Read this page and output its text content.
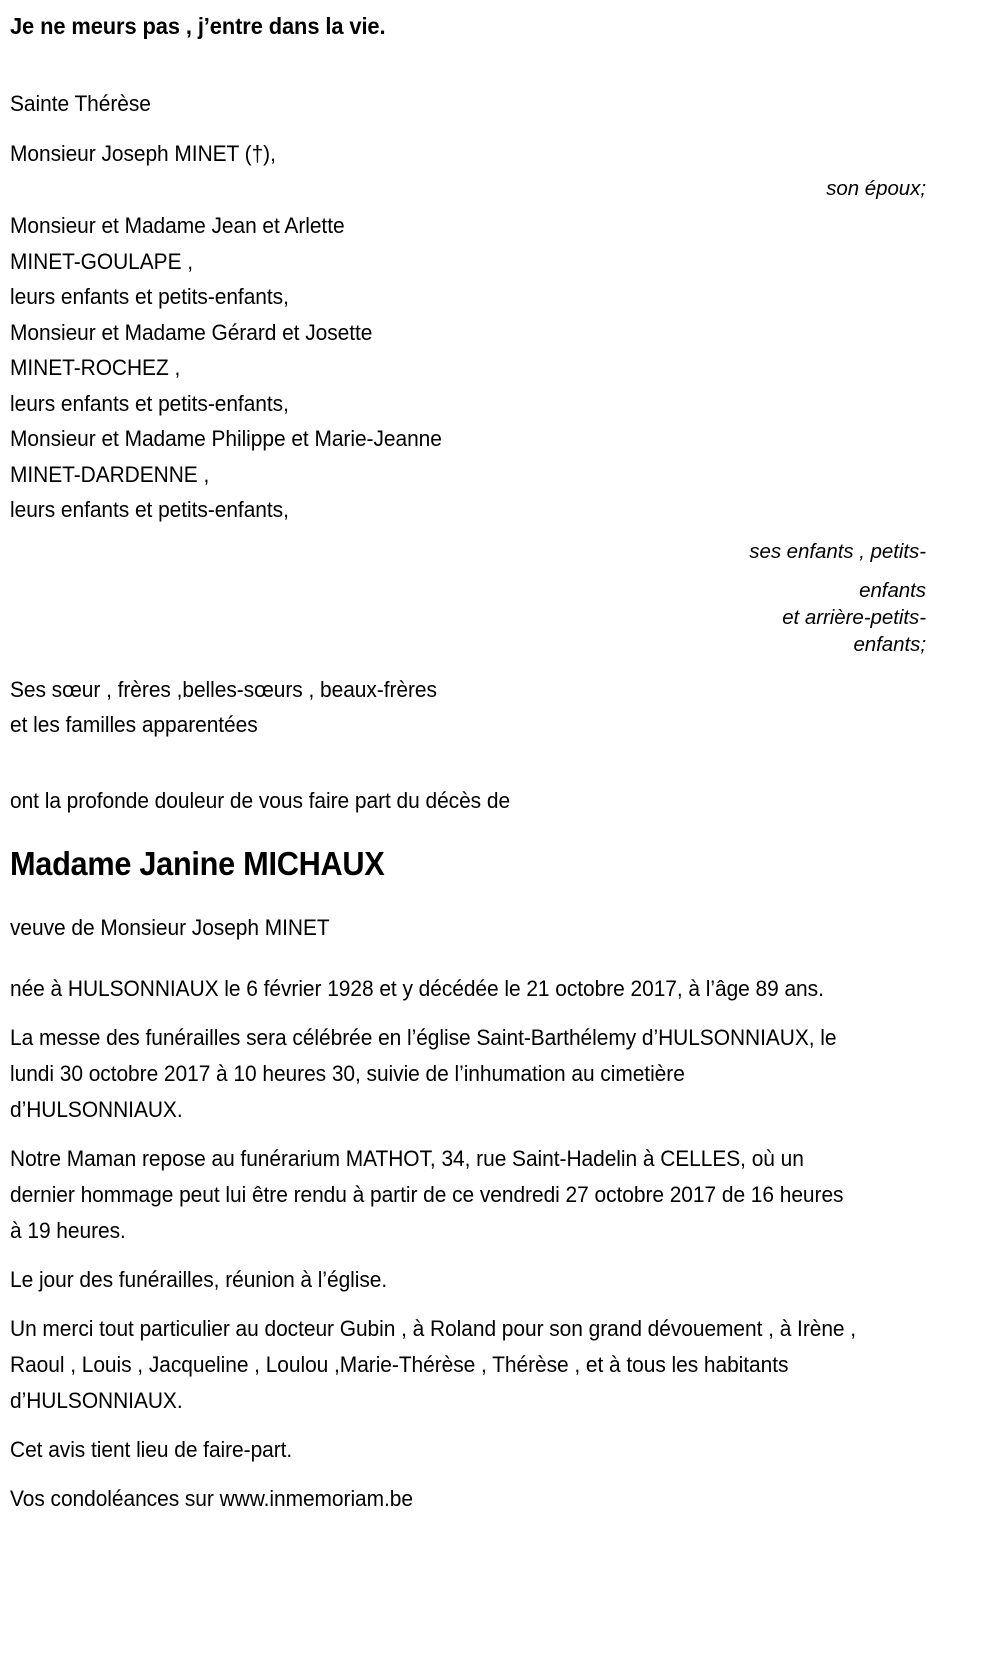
Je ne meurs pas , j’entre dans la vie.
Sainte Thérèse
Monsieur Joseph MINET (†),
son époux;
Monsieur et Madame Jean et Arlette
MINET-GOULAPE ,
leurs enfants et petits-enfants,
Monsieur et Madame Gérard et Josette
MINET-ROCHEZ ,
leurs enfants et petits-enfants,
Monsieur et Madame Philippe et Marie-Jeanne
MINET-DARDENNE ,
leurs enfants et petits-enfants,
ses enfants , petits-
enfants
et arrière-petits-
enfants;
Ses sœur , frères ,belles-sœurs , beaux-frères
et les familles apparentées
ont la profonde douleur de vous faire part du décès de
Madame Janine MICHAUX
veuve de Monsieur Joseph MINET

née à HULSONNIAUX le 6 février 1928 et y décédée le 21 octobre 2017, à l’âge 89 ans.

La messe des funérailles sera célébrée en l’église Saint-Barthélemy d’HULSONNIAUX, le lundi 30 octobre 2017 à 10 heures 30, suivie de l’inhumation au cimetière d’HULSONNIAUX.

Notre Maman repose au funérarium MATHOT, 34, rue Saint-Hadelin à CELLES, où un dernier hommage peut lui être rendu à partir de ce vendredi 27 octobre 2017 de 16 heures à 19 heures.

Le jour des funérailles, réunion à l’église.

Un merci tout particulier au docteur Gubin , à Roland pour son grand dévouement , à Irène , Raoul , Louis , Jacqueline , Loulou ,Marie-Thérèse , Thérèse , et à tous les habitants d’HULSONNIAUX.

Cet avis tient lieu de faire-part.

Vos condoléances sur www.inmemoriam.be
